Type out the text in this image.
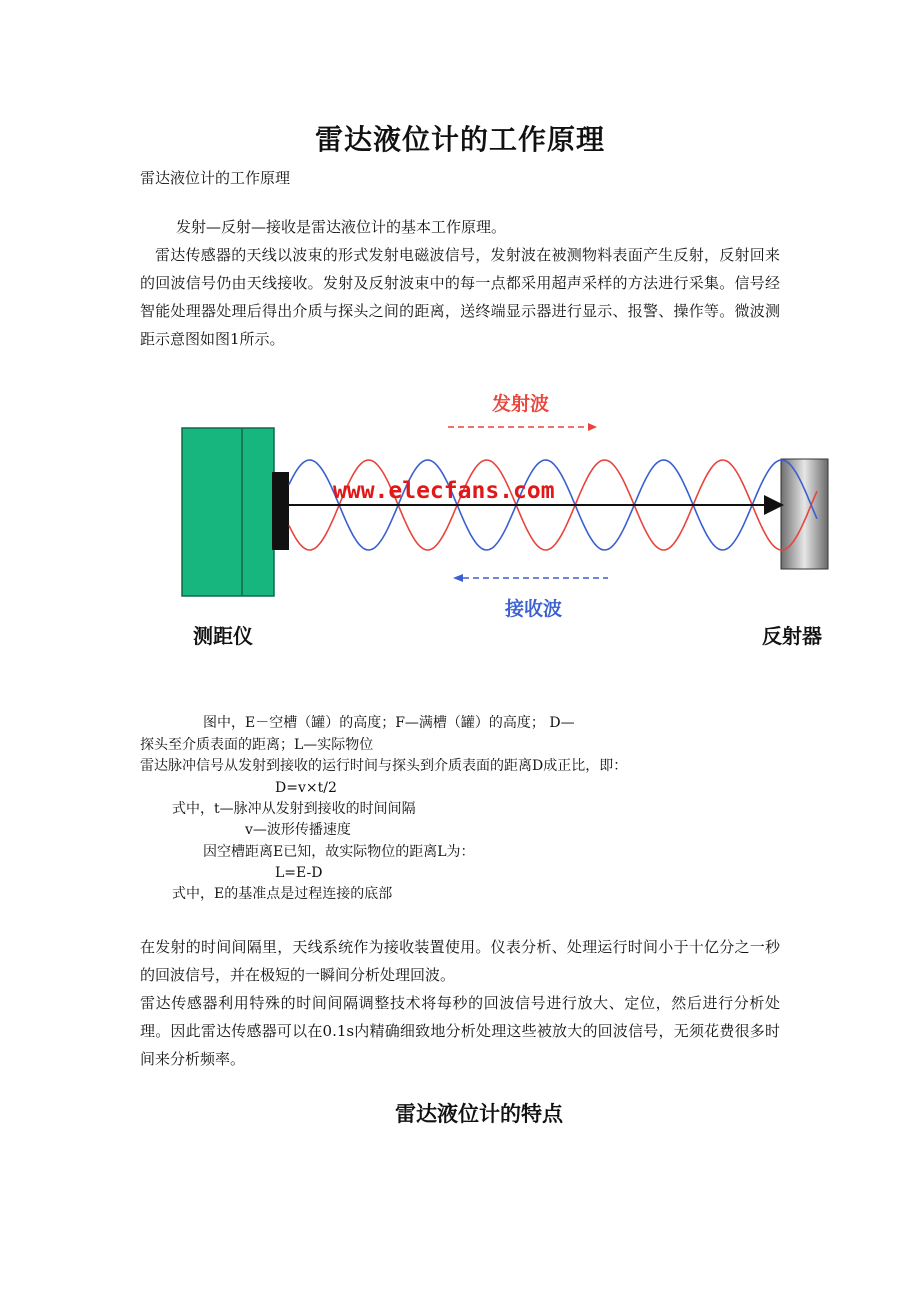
雷达液位计的工作原理
雷达液位计的工作原理
发射—反射—接收是雷达液位计的基本工作原理。
雷达传感器的天线以波束的形式发射电磁波信号，发射波在被测物料表面产生反射，反射回来的回波信号仍由天线接收。发射及反射波束中的每一点都采用超声采样的方法进行采集。信号经智能处理器处理后得出介质与探头之间的距离，送终端显示器进行显示、报警、操作等。微波测距示意图如图1所示。
发射波
接收波
www.elecfans.com
测距仪	反射器
图中，E－空槽（罐）的高度；F—满槽（罐）的高度； D—
探头至介质表面的距离；L—实际物位
雷达脉冲信号从发射到接收的运行时间与探头到介质表面的距离D成正比，即：
D=v×t/2
式中，t—脉冲从发射到接收的时间间隔
v—波形传播速度
因空槽距离E已知，故实际物位的距离L为：
L=E-D
式中，E的基准点是过程连接的底部
在发射的时间间隔里，天线系统作为接收装置使用。仪表分析、处理运行时间小于十亿分之一秒的回波信号，并在极短的一瞬间分析处理回波。
雷达传感器利用特殊的时间间隔调整技术将每秒的回波信号进行放大、定位，然后进行分析处理。因此雷达传感器可以在0.1s内精确细致地分析处理这些被放大的回波信号，无须花费很多时间来分析频率。
雷达液位计的特点
